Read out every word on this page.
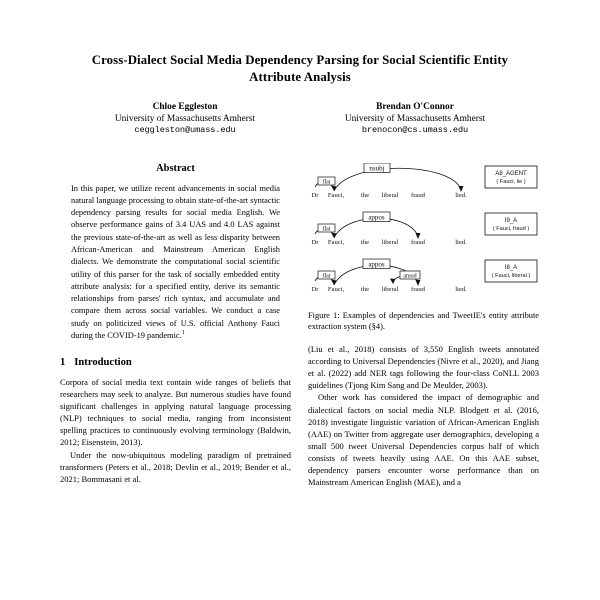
Cross-Dialect Social Media Dependency Parsing for Social Scientific Entity Attribute Analysis
Chloe Eggleston
University of Massachusetts Amherst
ceggleston@umass.edu
Brendan O'Connor
University of Massachusetts Amherst
brenocon@cs.umass.edu
Abstract

In this paper, we utilize recent advancements in social media natural language processing to obtain state-of-the-art syntactic dependency parsing results for social media English. We observe performance gains of 3.4 UAS and 4.0 LAS against the previous state-of-the-art as well as less disparity between African-American and Mainstream American English dialects. We demonstrate the computational social scientific utility of this parser for the task of socially embedded entity attribute analysis: for a specified entity, derive its semantic relationships from parses' rich syntax, and accumulate and compare them across social variables. We conduct a case study on politicized views of U.S. official Anthony Fauci during the COVID-19 pandemic.$^1$

1 Introduction

Corpora of social media text contain wide ranges of beliefs that researchers may seek to analyze. But numerous studies have found significant challenges in applying natural language processing (NLP) techniques to social media, ranging from inconsistent spelling practices to continuously evolving terminology (Baldwin, 2012; Eisenstein, 2013).

Under the now-ubiquitous modeling paradigm of pretrained transformers (Peters et al., 2018; Devlin et al., 2019; Bender et al., 2021; Bommasani et al.

nsubj
flat
Dr Fauci,	the liberal fraud	lied.
A8_AGENT
( Fauci, lie )
appos
flat
Dr Fauci,	the liberal fraud	lied.
I9_A
( Fauci, fraud )
appos
flat	amod
Dr Fauci,	the liberal fraud	lied.
I8_A
( Fauci, liberal )

Figure 1: Examples of dependencies and TweetIE's entity attribute extraction system (§4).

(Liu et al., 2018) consists of 3,550 English tweets annotated according to Universal Dependencies (Nivre et al., 2020), and Jiang et al. (2022) add NER tags following the four-class CoNLL 2003 guidelines (Tjong Kim Sang and De Meulder, 2003).

Other work has considered the impact of demographic and dialectical factors on social media NLP. Blodgett et al. (2016, 2018) investigate linguistic variation of African-American English (AAE) on Twitter from aggregate user demographics, developing a small 500 tweet Universal Dependencies corpus half of which consists of tweets heavily using AAE. On this AAE subset, dependency parsers encounter worse performance than on Mainstream American English (MAE), and a
